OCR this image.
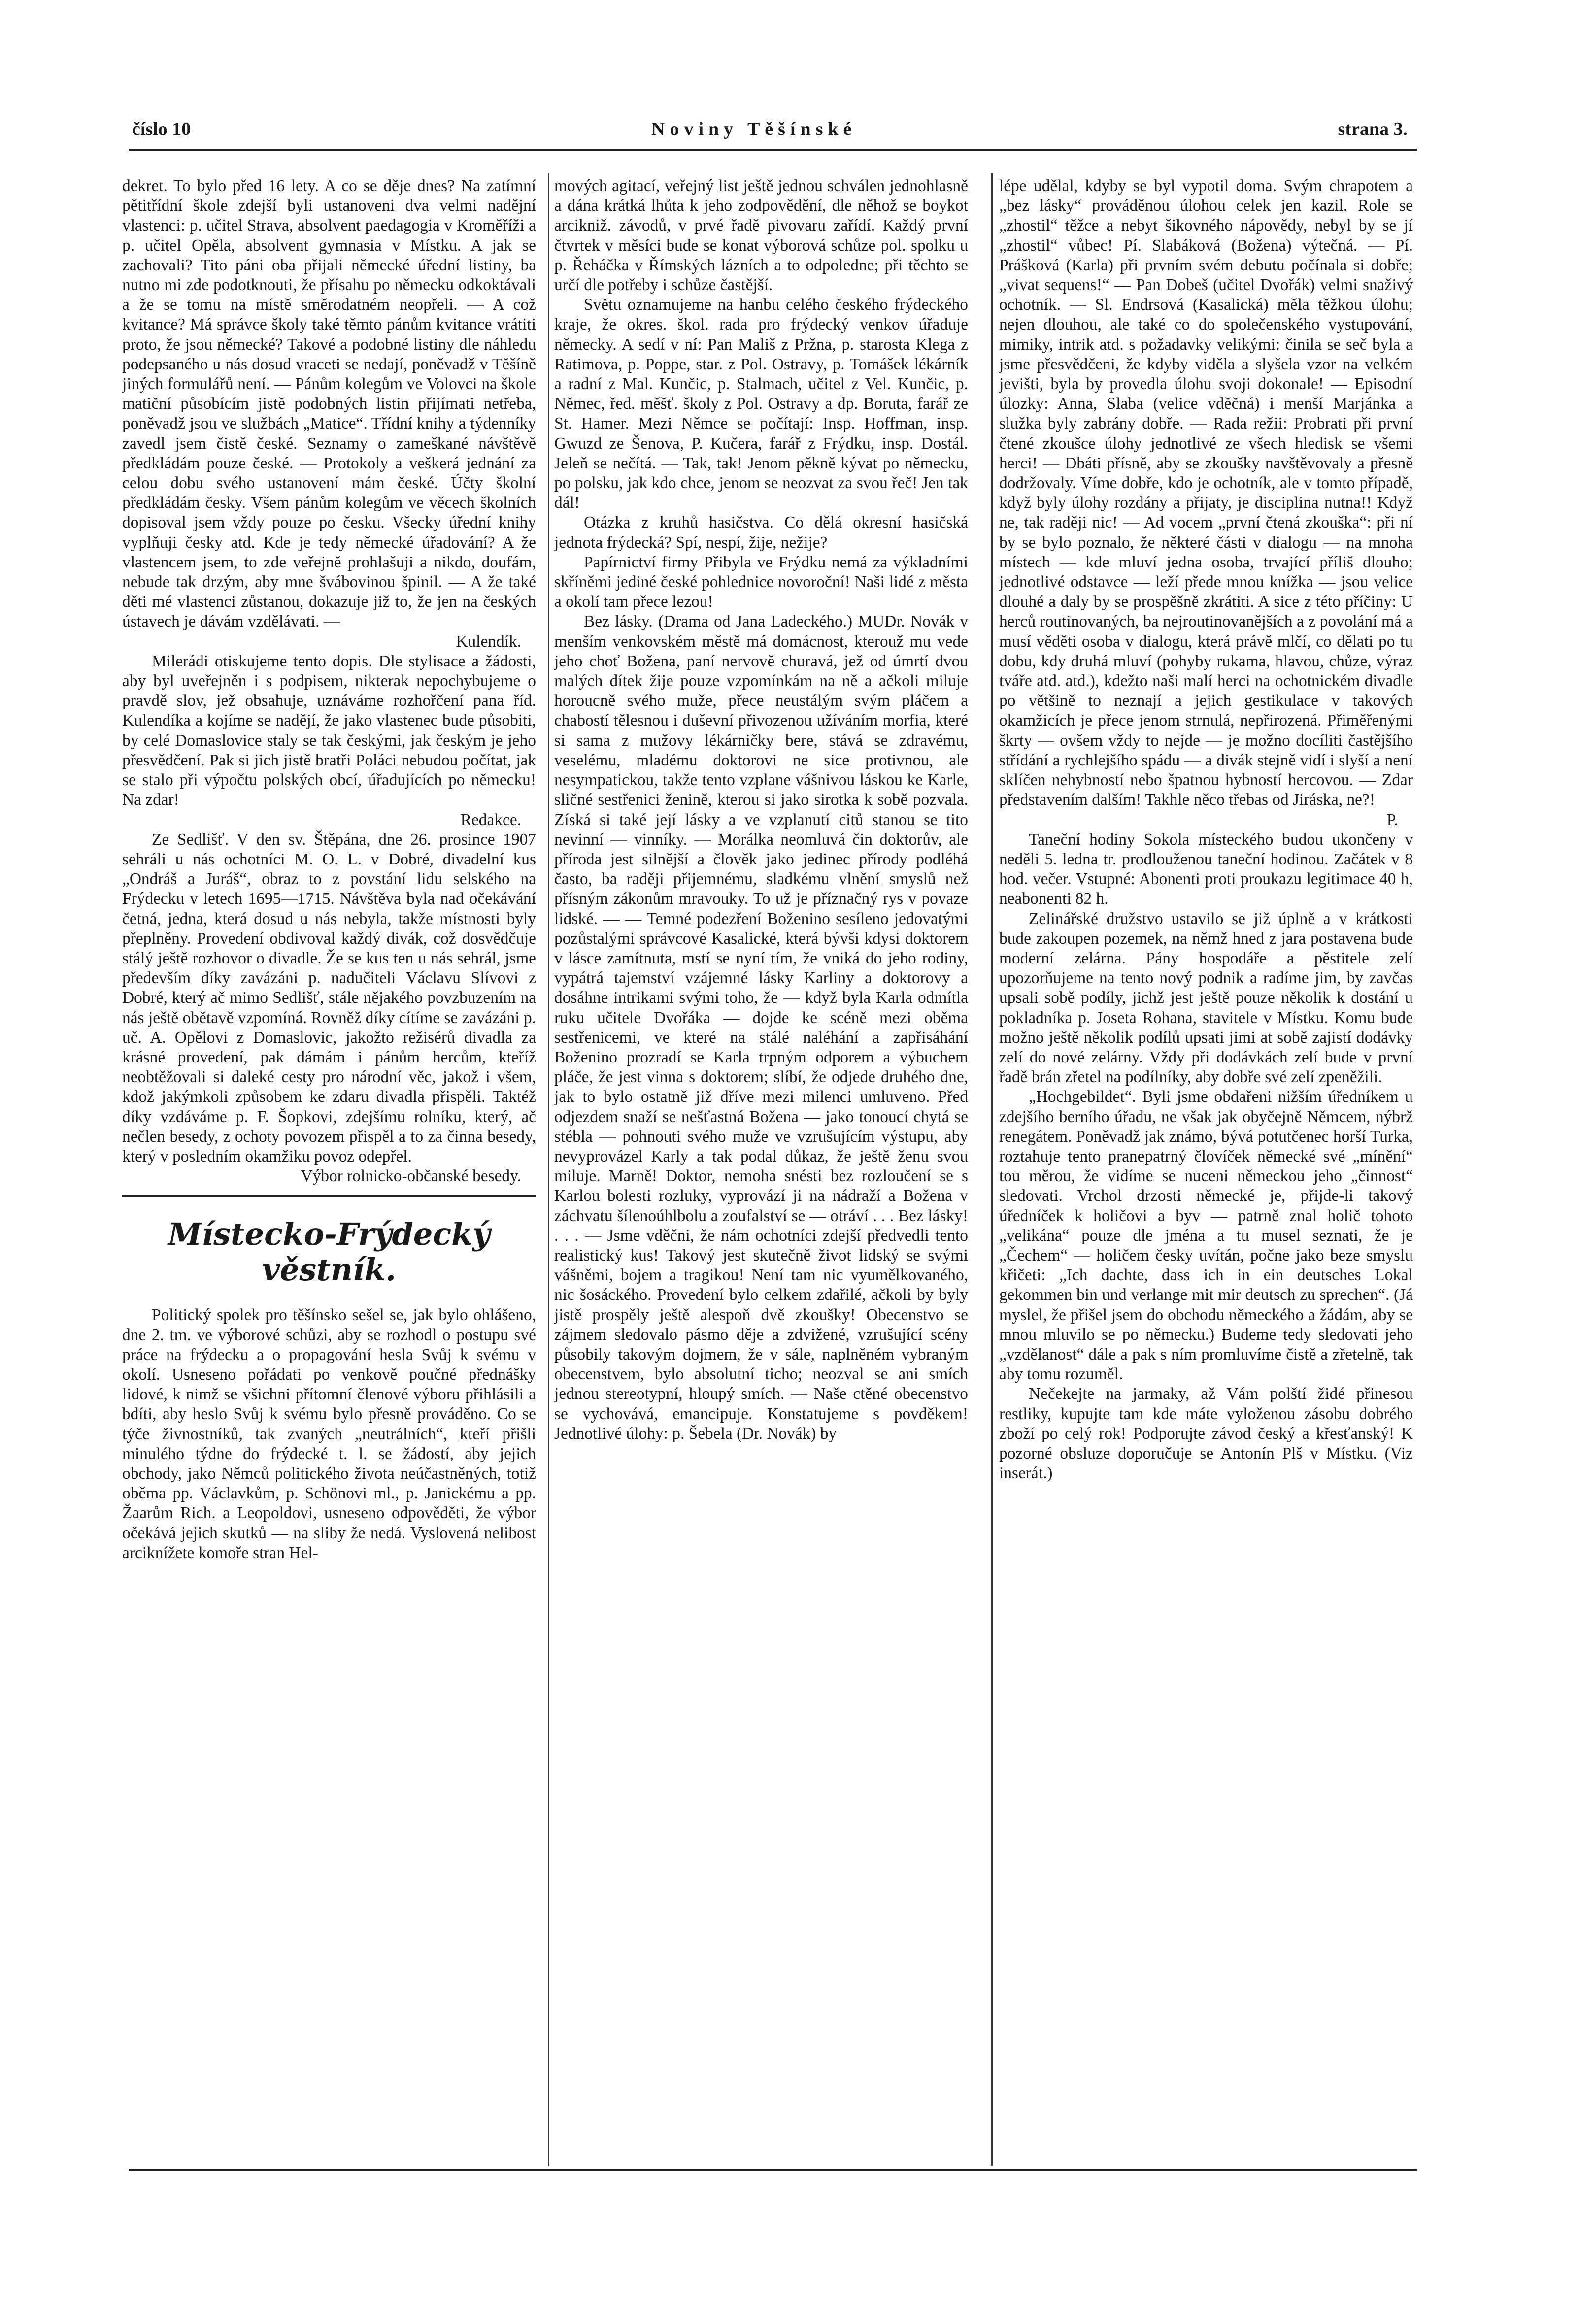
číslo 10	Noviny Těšínské	strana 3.

dekret. To bylo před 16 lety. A co se děje dnes? Na zatímní pětitřídní škole zdejší byli ustanoveni dva velmi nadějní vlastenci: p. učitel Strava, absolvent paedagogia v Kroměříži a p. učitel Opěla, absolvent gymnasia v Místku. A jak se zachovali? Tito páni oba přijali německé úřední listiny, ba nutno mi zde podotknouti, že přísahu po německu odkoktávali a že se tomu na místě směrodatném neopřeli. — A což kvitance? Má správce školy také těmto pánům kvitance vrátiti proto, že jsou německé? Takové a podobné listiny dle náhledu podepsaného u nás dosud vraceti se nedají, poněvadž v Těšíně jiných formulářů není. — Pánům kolegům ve Volovci na škole matiční působícím jistě podobných listin přijímati netřeba, poněvadž jsou ve službách „Matice“. Třídní knihy a týdenníky zavedl jsem čistě české. Seznamy o zameškané návštěvě předkládám pouze české. — Protokoly a veškerá jednání za celou dobu svého ustanovení mám české. Účty školní předkládám česky. Všem pánům kolegům ve věcech školních dopisoval jsem vždy pouze po česku. Všecky úřední knihy vyplňuji česky atd. Kde je tedy německé úřadování? A že vlastencem jsem, to zde veřejně prohlašuji a nikdo, doufám, nebude tak drzým, aby mne švábovinou špinil. — A že také děti mé vlastenci zůstanou, dokazuje již to, že jen na českých ústavech je dávám vzdělávati. —

Kulendík.

Milerádi otiskujeme tento dopis. Dle stylisace a žádosti, aby byl uveřejněn i s podpisem, nikterak nepochybujeme o pravdě slov, jež obsahuje, uznáváme rozhořčení pana říd. Kulendíka a kojíme se nadějí, že jako vlastenec bude působiti, by celé Domaslovice staly se tak českými, jak českým je jeho přesvědčení. Pak si jich jistě bratři Poláci nebudou počítat, jak se stalo při výpočtu polských obcí, úřadujících po německu! Na zdar!

Redakce.

Ze Sedlišť. V den sv. Štěpána, dne 26. prosince 1907 sehráli u nás ochotníci M. O. L. v Dobré, divadelní kus „Ondráš a Juráš“, obraz to z povstání lidu selského na Frýdecku v letech 1695—1715. Návštěva byla nad očekávání četná, jedna, která dosud u nás nebyla, takže místnosti byly přeplněny. Provedení obdivoval každý divák, což dosvědčuje stálý ještě rozhovor o divadle. Že se kus ten u nás sehrál, jsme především díky zavázáni p. nadučiteli Václavu Slívovi z Dobré, který ač mimo Sedlišť, stále nějakého povzbuzením na nás ještě obětavě vzpomíná. Rovněž díky cítíme se zavázáni p. uč. A. Opělovi z Domaslovic, jakožto režisérů divadla za krásné provedení, pak dámám i pánům hercům, kteříž neobtěžovali si daleké cesty pro národní věc, jakož i všem, kdož jakýmkoli způsobem ke zdaru divadla přispěli. Taktéž díky vzdáváme p. F. Šopkovi, zdejšímu rolníku, který, ač nečlen besedy, z ochoty povozem přispěl a to za činna besedy, který v posledním okamžiku povoz odepřel.

Výbor rolnicko-občanské besedy.

Místecko-Frýdecký věstník.

Politický spolek pro těšínsko sešel se, jak bylo ohlášeno, dne 2. tm. ve výborové schůzi, aby se rozhodl o postupu své práce na frýdecku a o propagování hesla Svůj k svému v okolí. Usneseno pořádati po venkově poučné přednášky lidové, k nimž se všichni přítomní členové výboru přihlásili a bdíti, aby heslo Svůj k svému bylo přesně prováděno. Co se týče živnostníků, tak zvaných „neutrálních“, kteří přišli minulého týdne do frýdecké t. l. se žádostí, aby jejich obchody, jako Němců politického života neúčastněných, totiž oběma pp. Václavkům, p. Schönovi ml., p. Janickému a pp. Žaarům Rich. a Leopoldovi, usneseno odpověděti, že výbor očekává jejich skutků — na sliby že nedá. Vyslovená nelibost arciknížete komoře stran Hel-

mových agitací, veřejný list ještě jednou schválen jednohlasně a dána krátká lhůta k jeho zodpovědění, dle něhož se boykot arcikniž. závodů, v prvé řadě pivovaru zařídí. Každý první čtvrtek v měsíci bude se konat výborová schůze pol. spolku u p. Řeháčka v Římských lázních a to odpoledne; při těchto se určí dle potřeby i schůze častější.

Světu oznamujeme na hanbu celého českého frýdeckého kraje, že okres. škol. rada pro frýdecký venkov úřaduje německy. A sedí v ní: Pan Mališ z Pržna, p. starosta Klega z Ratimova, p. Poppe, star. z Pol. Ostravy, p. Tomášek lékárník a radní z Mal. Kunčic, p. Stalmach, učitel z Vel. Kunčic, p. Němec, řed. měšť. školy z Pol. Ostravy a dp. Boruta, farář ze St. Hamer. Mezi Němce se počítají: Insp. Hoffman, insp. Gwuzd ze Šenova, P. Kučera, farář z Frýdku, insp. Dostál. Jeleň se nečítá. — Tak, tak! Jenom pěkně kývat po německu, po polsku, jak kdo chce, jenom se neozvat za svou řeč! Jen tak dál!

Otázka z kruhů hasičstva. Co dělá okresní hasičská jednota frýdecká? Spí, nespí, žije, nežije?

Papírnictví firmy Přibyla ve Frýdku nemá za výkladními skříněmi jediné české pohlednice novoroční! Naši lidé z města a okolí tam přece lezou!

Bez lásky. (Drama od Jana Ladeckého.) MUDr. Novák v menším venkovském městě má domácnost, kterouž mu vede jeho choť Božena, paní nervově churavá, jež od úmrtí dvou malých dítek žije pouze vzpomínkám na ně a ačkoli miluje horoucně svého muže, přece neustálým svým pláčem a chabostí tělesnou i duševní přivozenou užíváním morfia, které si sama z mužovy lékárničky bere, stává se zdravému, veselému, mladému doktorovi ne sice protivnou, ale nesympatickou, takže tento vzplane vášnivou láskou ke Karle, sličné sestřenici ženině, kterou si jako sirotka k sobě pozvala. Získá si také její lásky a ve vzplanutí citů stanou se tito nevinní — vinníky. — Morálka neomluvá čin doktorův, ale příroda jest silnější a člověk jako jedinec přírody podléhá často, ba raději přijemnému, sladkému vlnění smyslů než přísným zákonům mravouky. To už je příznačný rys v povaze lidské. — — Temné podezření Boženino sesíleno jedovatými pozůstalými správcové Kasalické, která bývši kdysi doktorem v lásce zamítnuta, mstí se nyní tím, že vniká do jeho rodiny, vypátrá tajemství vzájemné lásky Karliny a doktorovy a dosáhne intrikami svými toho, že — když byla Karla odmítla ruku učitele Dvořáka — dojde ke scéně mezi oběma sestřenicemi, ve které na stálé naléhání a zapřisáhání Boženino prozradí se Karla trpným odporem a výbuchem pláče, že jest vinna s doktorem; slíbí, že odjede druhého dne, jak to bylo ostatně již dříve mezi milenci umluveno. Před odjezdem snaží se nešťastná Božena — jako tonoucí chytá se stébla — pohnouti svého muže ve vzrušujícím výstupu, aby nevyprovázel Karly a tak podal důkaz, že ještě ženu svou miluje. Marně! Doktor, nemoha snésti bez rozloučení se s Karlou bolesti rozluky, vyprovází ji na nádraží a Božena v záchvatu šílenoúhlbolu a zoufalství se — otráví . . . Bez lásky! . . . — Jsme vděčni, že nám ochotníci zdejší předvedli tento realistický kus! Takový jest skutečně život lidský se svými vášněmi, bojem a tragikou! Není tam nic vyumělkovaného, nic šosáckého. Provedení bylo celkem zdařilé, ačkoli by byly jistě prospěly ještě alespoň dvě zkoušky! Obecenstvo se zájmem sledovalo pásmo děje a zdvižené, vzrušující scény působily takovým dojmem, že v sále, naplněném vybraným obecenstvem, bylo absolutní ticho; neozval se ani smích jednou stereotypní, hloupý smích. — Naše ctěné obecenstvo se vychovává, emancipuje. Konstatujeme s povděkem! Jednotlivé úlohy: p. Šebela (Dr. Novák) by

lépe udělal, kdyby se byl vypotil doma. Svým chrapotem a „bez lásky“ prováděnou úlohou celek jen kazil. Role se „zhostil“ těžce a nebyt šikovného nápovědy, nebyl by se jí „zhostil“ vůbec! Pí. Slabáková (Božena) výtečná. — Pí. Prášková (Karla) při prvním svém debutu počínala si dobře; „vivat sequens!“ — Pan Dobeš (učitel Dvořák) velmi snaživý ochotník. — Sl. Endrsová (Kasalická) měla těžkou úlohu; nejen dlouhou, ale také co do společenského vystupování, mimiky, intrik atd. s požadavky velikými: činila se seč byla a jsme přesvědčeni, že kdyby viděla a slyšela vzor na velkém jevišti, byla by provedla úlohu svoji dokonale! — Episodní úlozky: Anna, Slaba (velice vděčná) i menší Marjánka a služka byly zabrány dobře. — Rada režii: Probrati při první čtené zkoušce úlohy jednotlivé ze všech hledisk se všemi herci! — Dbáti přísně, aby se zkoušky navštěvovaly a přesně dodržovaly. Víme dobře, kdo je ochotník, ale v tomto případě, když byly úlohy rozdány a přijaty, je disciplina nutna!! Když ne, tak raději nic! — Ad vocem „první čtená zkouška“: při ní by se bylo poznalo, že některé části v dialogu — na mnoha místech — kde mluví jedna osoba, trvající příliš dlouho; jednotlivé odstavce — leží přede mnou knížka — jsou velice dlouhé a daly by se prospěšně zkrátiti. A sice z této příčiny: U herců routinovaných, ba nejroutinovanějších a z povolání má a musí věděti osoba v dialogu, která právě mlčí, co dělati po tu dobu, kdy druhá mluví (pohyby rukama, hlavou, chůze, výraz tváře atd. atd.), kdežto naši malí herci na ochotnickém divadle po většině to neznají a jejich gestikulace v takových okamžicích je přece jenom strnulá, nepřirozená. Přiměřenými škrty — ovšem vždy to nejde — je možno docíliti častějšího střídání a rychlejšího spádu — a divák stejně vidí i slyší a není sklíčen nehybností nebo špatnou hybností hercovou. — Zdar představením dalším! Takhle něco třebas od Jiráska, ne?!

P.

Taneční hodiny Sokola místeckého budou ukončeny v neděli 5. ledna tr. prodlouženou taneční hodinou. Začátek v 8 hod. večer. Vstupné: Abonenti proti proukazu legitimace 40 h, neabonenti 82 h.

Zelinářské družstvo ustavilo se již úplně a v krátkosti bude zakoupen pozemek, na němž hned z jara postavena bude moderní zelárna. Pány hospodáře a pěstitele zelí upozorňujeme na tento nový podnik a radíme jim, by zavčas upsali sobě podíly, jichž jest ještě pouze několik k dostání u pokladníka p. Joseta Rohana, stavitele v Místku. Komu bude možno ještě několik podílů upsati jimi at sobě zajistí dodávky zelí do nové zelárny. Vždy při dodávkách zelí bude v první řadě brán zřetel na podílníky, aby dobře své zelí zpeněžili.

„Hochgebildet“. Byli jsme obdařeni nižším úředníkem u zdejšího berního úřadu, ne však jak obyčejně Němcem, nýbrž renegátem. Poněvadž jak známo, bývá potutčenec horší Turka, roztahuje tento pranepatrný človíček německé své „mínění“ tou měrou, že vidíme se nuceni německou jeho „činnost“ sledovati. Vrchol drzosti německé je, přijde-li takový úředníček k holičovi a byv — patrně znal holič tohoto „velikána“ pouze dle jména a tu musel seznati, že je „Čechem“ — holičem česky uvítán, počne jako beze smyslu křičeti: „Ich dachte, dass ich in ein deutsches Lokal gekommen bin und verlange mit mir deutsch zu sprechen“. (Já myslel, že přišel jsem do obchodu německého a žádám, aby se mnou mluvilo se po německu.) Budeme tedy sledovati jeho „vzdělanost“ dále a pak s ním promluvíme čistě a zřetelně, tak aby tomu rozuměl.

Nečekejte na jarmaky, až Vám polští židé přinesou restliky, kupujte tam kde máte vyloženou zásobu dobrého zboží po celý rok! Podporujte závod český a křesťanský! K pozorné obsluze doporučuje se Antonín Plš v Místku. (Viz inserát.)
